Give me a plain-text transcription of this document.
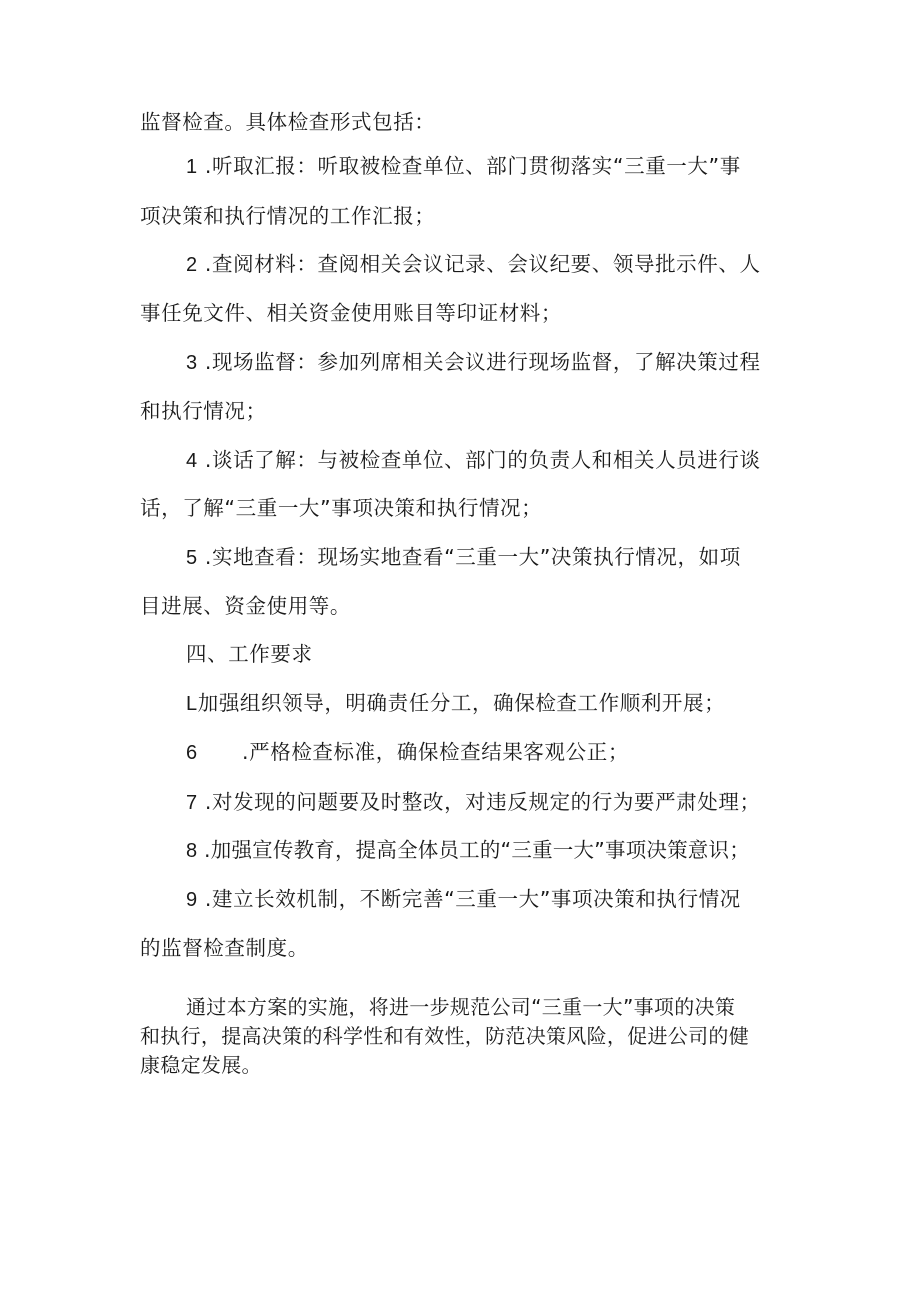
监督检查。具体检查形式包括：
1 .听取汇报：听取被检查单位、部门贯彻落实“三重一大”事
项决策和执行情况的工作汇报；
2 .查阅材料：查阅相关会议记录、会议纪要、领导批示件、人
事任免文件、相关资金使用账目等印证材料；
3 .现场监督：参加列席相关会议进行现场监督，了解决策过程
和执行情况；
4 .谈话了解：与被检查单位、部门的负责人和相关人员进行谈
话，了解“三重一大”事项决策和执行情况；
5 .实地查看：现场实地查看“三重一大”决策执行情况，如项
目进展、资金使用等。
四、工作要求
L加强组织领导，明确责任分工，确保检查工作顺利开展；
6 .严格检查标准，确保检查结果客观公正；
7 .对发现的问题要及时整改，对违反规定的行为要严肃处理；
8 .加强宣传教育，提高全体员工的“三重一大”事项决策意识；
9 .建立长效机制，不断完善“三重一大”事项决策和执行情况
的监督检查制度。
通过本方案的实施，将进一步规范公司“三重一大”事项的决策
和执行，提高决策的科学性和有效性，防范决策风险，促进公司的健
康稳定发展。
